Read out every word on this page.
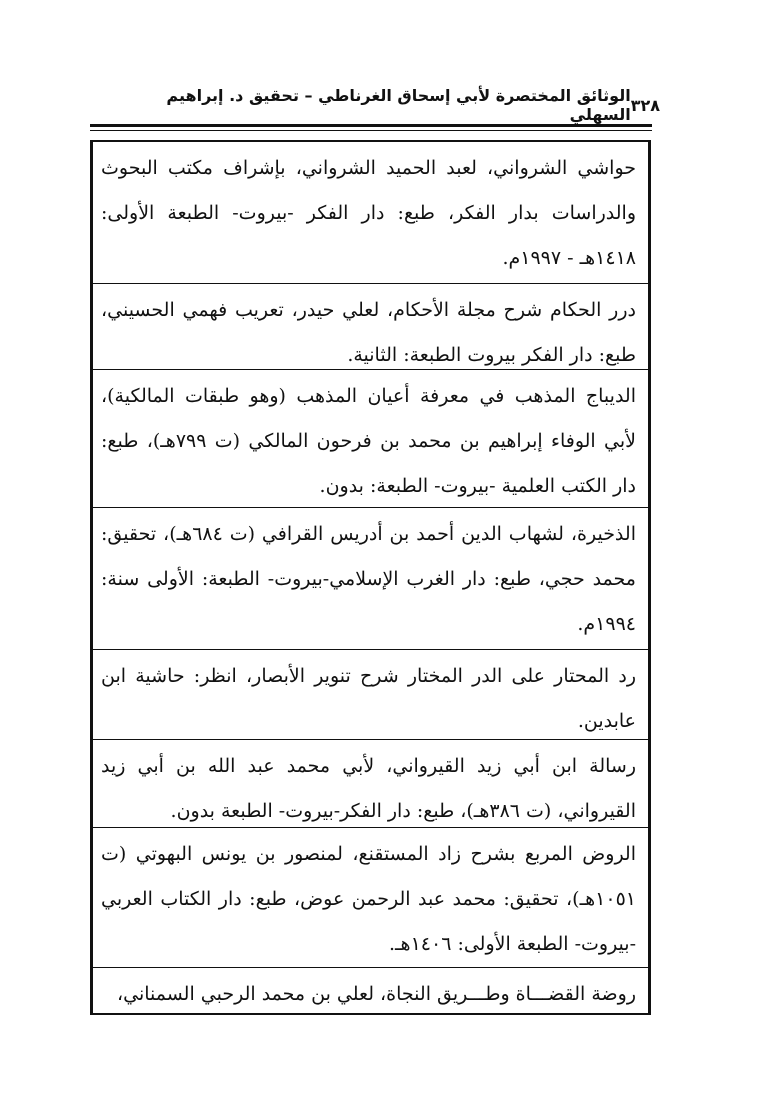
٣٢٨
الوثائق المختصرة لأبي إسحاق الغرناطي – تحقيق د. إبراهيم السهلي
حواشي الشرواني، لعبد الحميد الشرواني، بإشراف مكتب البحوث والدراسات بدار الفكر، طبع: دار الفكر -بيروت- الطبعة الأولى: ١٤١٨هـ - ١٩٩٧م.
درر الحكام شرح مجلة الأحكام، لعلي حيدر، تعريب فهمي الحسيني، طبع: دار الفكر بيروت الطبعة: الثانية.
الديباج المذهب في معرفة أعيان المذهب (وهو طبقات المالكية)، لأبي الوفاء إبراهيم بن محمد بن فرحون المالكي (ت ٧٩٩هـ)، طبع: دار الكتب العلمية -بيروت- الطبعة: بدون.
الذخيرة، لشهاب الدين أحمد بن أدريس القرافي (ت ٦٨٤هـ)، تحقيق: محمد حجي، طبع: دار الغرب الإسلامي-بيروت- الطبعة: الأولى سنة: ١٩٩٤م.
رد المحتار على الدر المختار شرح تنوير الأبصار، انظر: حاشية ابن عابدين.
رسالة ابن أبي زيد القيرواني، لأبي محمد عبد الله بن أبي زيد القيرواني، (ت ٣٨٦هـ)، طبع: دار الفكر-بيروت- الطبعة بدون.
الروض المربع بشرح زاد المستقنع، لمنصور بن يونس البهوتي (ت ١٠٥١هـ)، تحقيق: محمد عبد الرحمن عوض، طبع: دار الكتاب العربي -بيروت- الطبعة الأولى: ١٤٠٦هـ.
روضة القضـــاة وطـــريق النجاة، لعلي بن محمد الرحبي السمناني،
